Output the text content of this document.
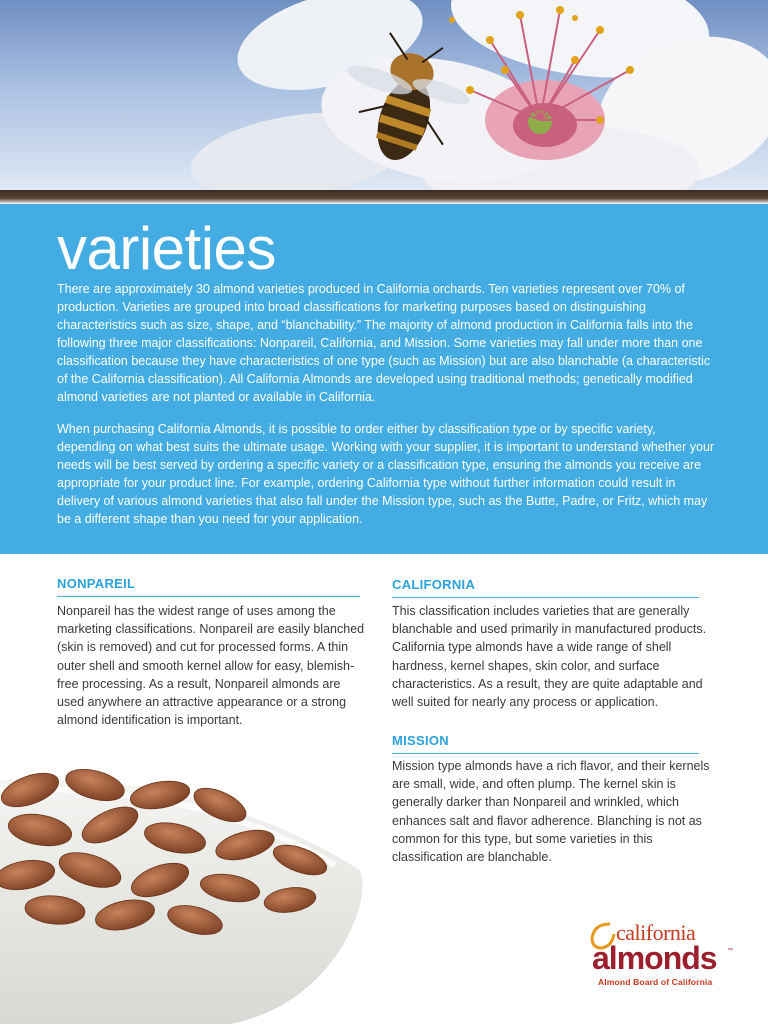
varieties

There are approximately 30 almond varieties produced in California orchards. Ten varieties represent over 70% of production. Varieties are grouped into broad classifications for marketing purposes based on distinguishing characteristics such as size, shape, and “blanchability.” The majority of almond production in California falls into the following three major classifications: Nonpareil, California, and Mission. Some varieties may fall under more than one classification because they have characteristics of one type (such as Mission) but are also blanchable (a characteristic of the California classification). All California Almonds are developed using traditional methods; genetically modified almond varieties are not planted or available in California.

When purchasing California Almonds, it is possible to order either by classification type or by specific variety, depending on what best suits the ultimate usage. Working with your supplier, it is important to understand whether your needs will be best served by ordering a specific variety or a classification type, ensuring the almonds you receive are appropriate for your product line. For example, ordering California type without further information could result in delivery of various almond varieties that also fall under the Mission type, such as the Butte, Padre, or Fritz, which may be a different shape than you need for your application.

NONPAREIL

Nonpareil has the widest range of uses among the marketing classifications. Nonpareil are easily blanched (skin is removed) and cut for processed forms. A thin outer shell and smooth kernel allow for easy, blemish-free processing. As a result, Nonpareil almonds are used anywhere an attractive appearance or a strong almond identification is important.

CALIFORNIA

This classification includes varieties that are generally blanchable and used primarily in manufactured products. California type almonds have a wide range of shell hardness, kernel shapes, skin color, and surface characteristics. As a result, they are quite adaptable and well suited for nearly any process or application.

MISSION

Mission type almonds have a rich flavor, and their kernels are small, wide, and often plump. The kernel skin is generally darker than Nonpareil and wrinkled, which enhances salt and flavor adherence. Blanching is not as common for this type, but some varieties in this classification are blanchable.

california
almonds ™
Almond Board of California
